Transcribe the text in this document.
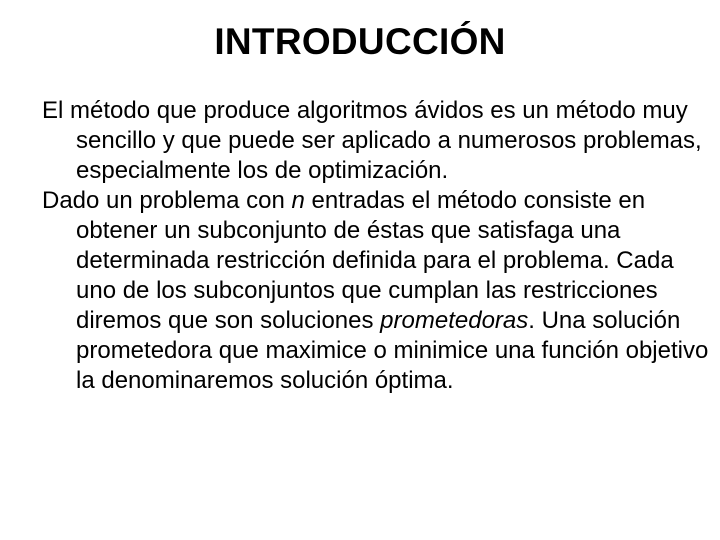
INTRODUCCIÓN

El método que produce algoritmos ávidos es un método muy sencillo y que puede ser aplicado a numerosos problemas, especialmente los de optimización.

Dado un problema con n entradas el método consiste en obtener un subconjunto de éstas que satisfaga una determinada restricción definida para el problema. Cada uno de los subconjuntos que cumplan las restricciones diremos que son soluciones prometedoras. Una solución prometedora que maximice o minimice una función objetivo la denominaremos solución óptima.
